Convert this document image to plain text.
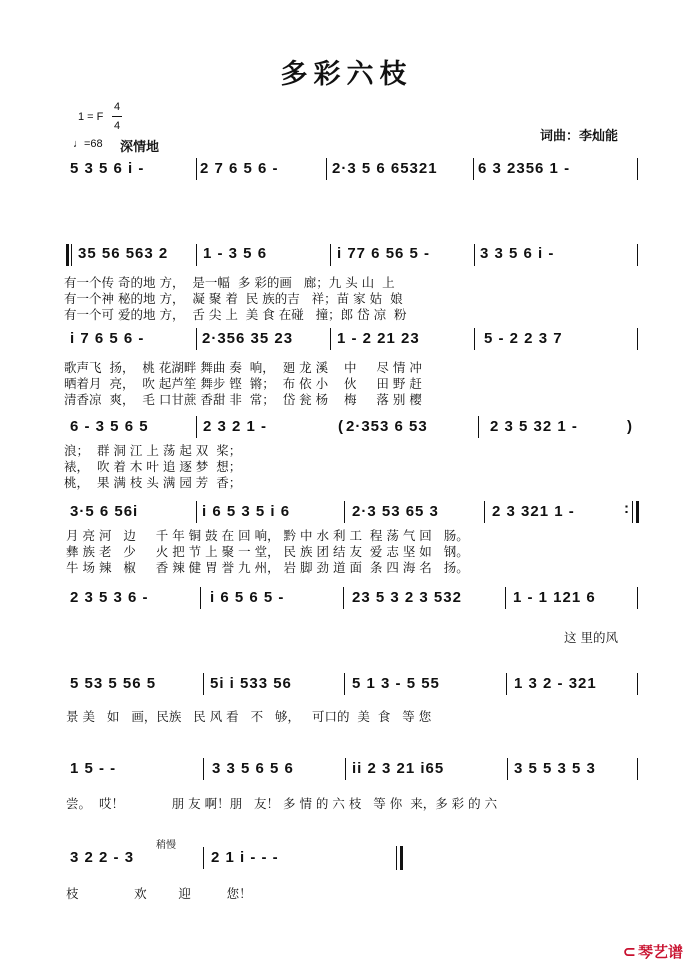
多彩六枝
1 = F
4
4
♩=68 深情地
词曲：李灿能
5 3 5 6 i -	2 7 6 5 6 -	2·3 5 6 65321	6 3 2356 1 -
35 56 563 2 1 - 3 5 6	i 77 6 56 5 -	3 3 5 6 i -
有一个传 奇的地 方，  是一幅  多 彩的画   廊；九 头 山  上
有一个神 秘的地 方，  凝 聚 着  民 族的吉   祥；苗 家 姑  娘
有一个可 爱的地 方，  舌 尖 上  美 食 在碰   撞；郎 岱 凉  粉
i 7 6 5 6 -	2·356 35 23	1 - 2 21 23	5 - 2 2 3 7
歌声飞  扬，  桃 花湖畔 舞曲 奏  响，  廻 龙 溪    中     尽 情 冲
晒着月  亮，  吹 起芦笙 舞步 铿  锵；  布 依 小    伙     田 野 赶
清香凉  爽，  毛 口甘蔗 香甜 非  常；  岱 瓮 杨    梅     落 别 樱
6 - 3 5 6 5	2 3 2 1 -	( 2·353 6 53	2 3 5 32 1 -	)
浪；  群 洞 江 上 荡 起 双  桨；
裱，  吹 着 木 叶 追 逐 梦  想；
桃，  果 满 枝 头 满 园 芳  香；
3·5 6 56i	i 6 5 3 5 i 6	2·3 53 65 3	2 3 321 1 -	:
月 亮 河   边     千 年 铜 鼓 在 回 响， 黔 中 水 利 工  程 荡 气 回   肠。
彝 族 老   少     火 把 节 上 聚 一 堂， 民 族 团 结 友  爱 志 坚 如   钢。
牛 场 辣   椒     香 辣 健 胃 誉 九 州， 岩 脚 劲 道 面  条 四 海 名   扬。
2 3 5 3 6 -	i 6 5 6 5 -	23 5 3 2 3 532	1 - 1 121 6
这 里的风
5 53 5 56 5	5i i 533 56	5 1 3 - 5 55	1 3 2 - 321
景 美   如   画，民族   民 风 看   不   够，   可口的  美  食   等 您
1 5 - -	3 3 5 6 5 6	ii 2 3 21 i65	3 5 5 3 5 3
尝。  哎！            朋 友 啊！朋   友！ 多 情 的 六 枝   等 你  来，多 彩 的 六
稍慢
3 2 2 - 3	2 1 i - - -
枝              欢        迎         您！
⊂ 琴艺谱
